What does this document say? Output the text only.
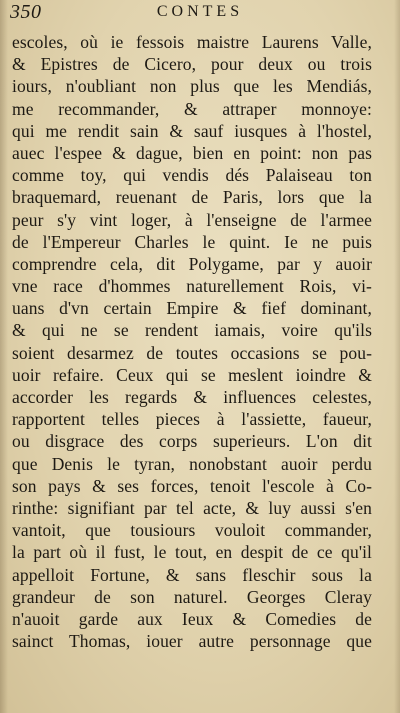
350	CONTES
escoles, où ie fessois maistre Laurens Valle,
& Epistres de Cicero, pour deux ou trois
iours, n'oubliant non plus que les Mendiás,
me recommander, & attraper monnoye:
qui me rendit sain & sauf iusques à l'hostel,
auec l'espee & dague, bien en point: non pas
comme toy, qui vendis dés Palaiseau ton
braquemard, reuenant de Paris, lors que la
peur s'y vint loger, à l'enseigne de l'armee
de l'Empereur Charles le quint. Ie ne puis
comprendre cela, dit Polygame, par y auoir
vne race d'hommes naturellement Rois, vi-
uans d'vn certain Empire & fief dominant,
& qui ne se rendent iamais, voire qu'ils
soient desarmez de toutes occasions se pou-
uoir refaire. Ceux qui se meslent ioindre &
accorder les regards & influences celestes,
rapportent telles pieces à l'assiette, faueur,
ou disgrace des corps superieurs. L'on dit
que Denis le tyran, nonobstant auoir perdu
son pays & ses forces, tenoit l'escole à Co-
rinthe: signifiant par tel acte, & luy aussi s'en
vantoit, que tousiours vouloit commander,
la part où il fust, le tout, en despit de ce qu'il
appelloit Fortune, & sans fleschir sous la
grandeur de son naturel. Georges Cleray
n'auoit garde aux Ieux & Comedies de
sainct Thomas, iouer autre personnage que
